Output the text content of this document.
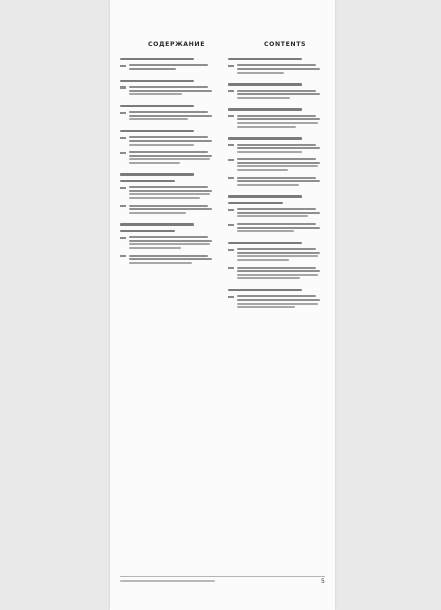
СОДЕРЖАНИЕ	CONTENTS
5
